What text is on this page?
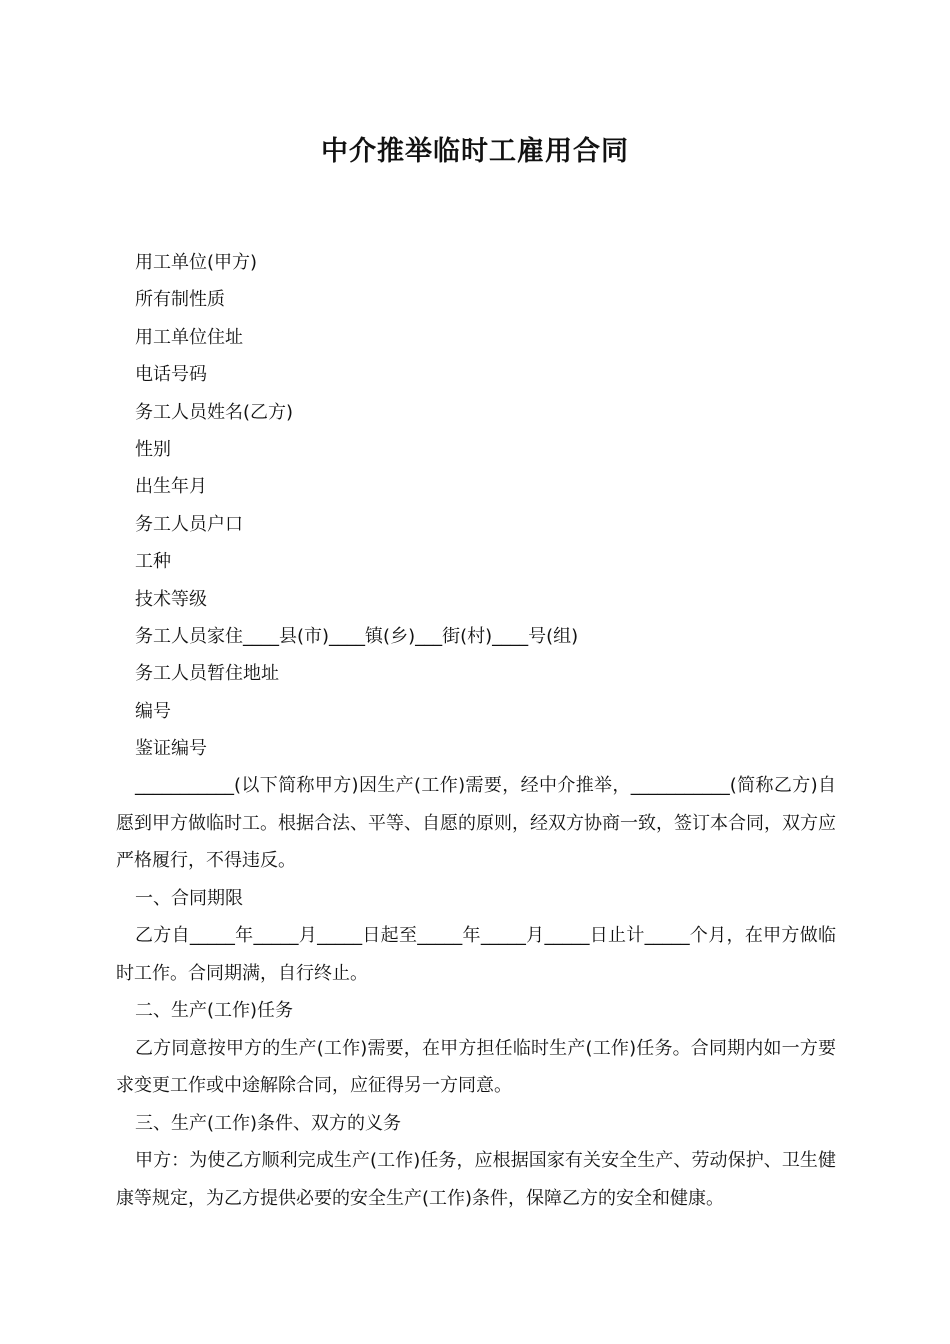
中介推举临时工雇用合同
用工单位(甲方)
所有制性质
用工单位住址
电话号码
务工人员姓名(乙方)
性别
出生年月
务工人员户口
工种
技术等级
务工人员家住____县(市)____镇(乡)___街(村)____号(组)
务工人员暂住地址
编号
鉴证编号

___________(以下简称甲方)因生产(工作)需要，经中介推举，___________(简称乙方)自愿到甲方做临时工。根据合法、平等、自愿的原则，经双方协商一致，签订本合同，双方应严格履行，不得违反。

一、合同期限

乙方自_____年_____月_____日起至_____年_____月_____日止计_____个月，在甲方做临时工作。合同期满，自行终止。

二、生产(工作)任务

乙方同意按甲方的生产(工作)需要，在甲方担任临时生产(工作)任务。合同期内如一方要求变更工作或中途解除合同，应征得另一方同意。

三、生产(工作)条件、双方的义务

甲方：为使乙方顺利完成生产(工作)任务，应根据国家有关安全生产、劳动保护、卫生健康等规定，为乙方提供必要的安全生产(工作)条件，保障乙方的安全和健康。
